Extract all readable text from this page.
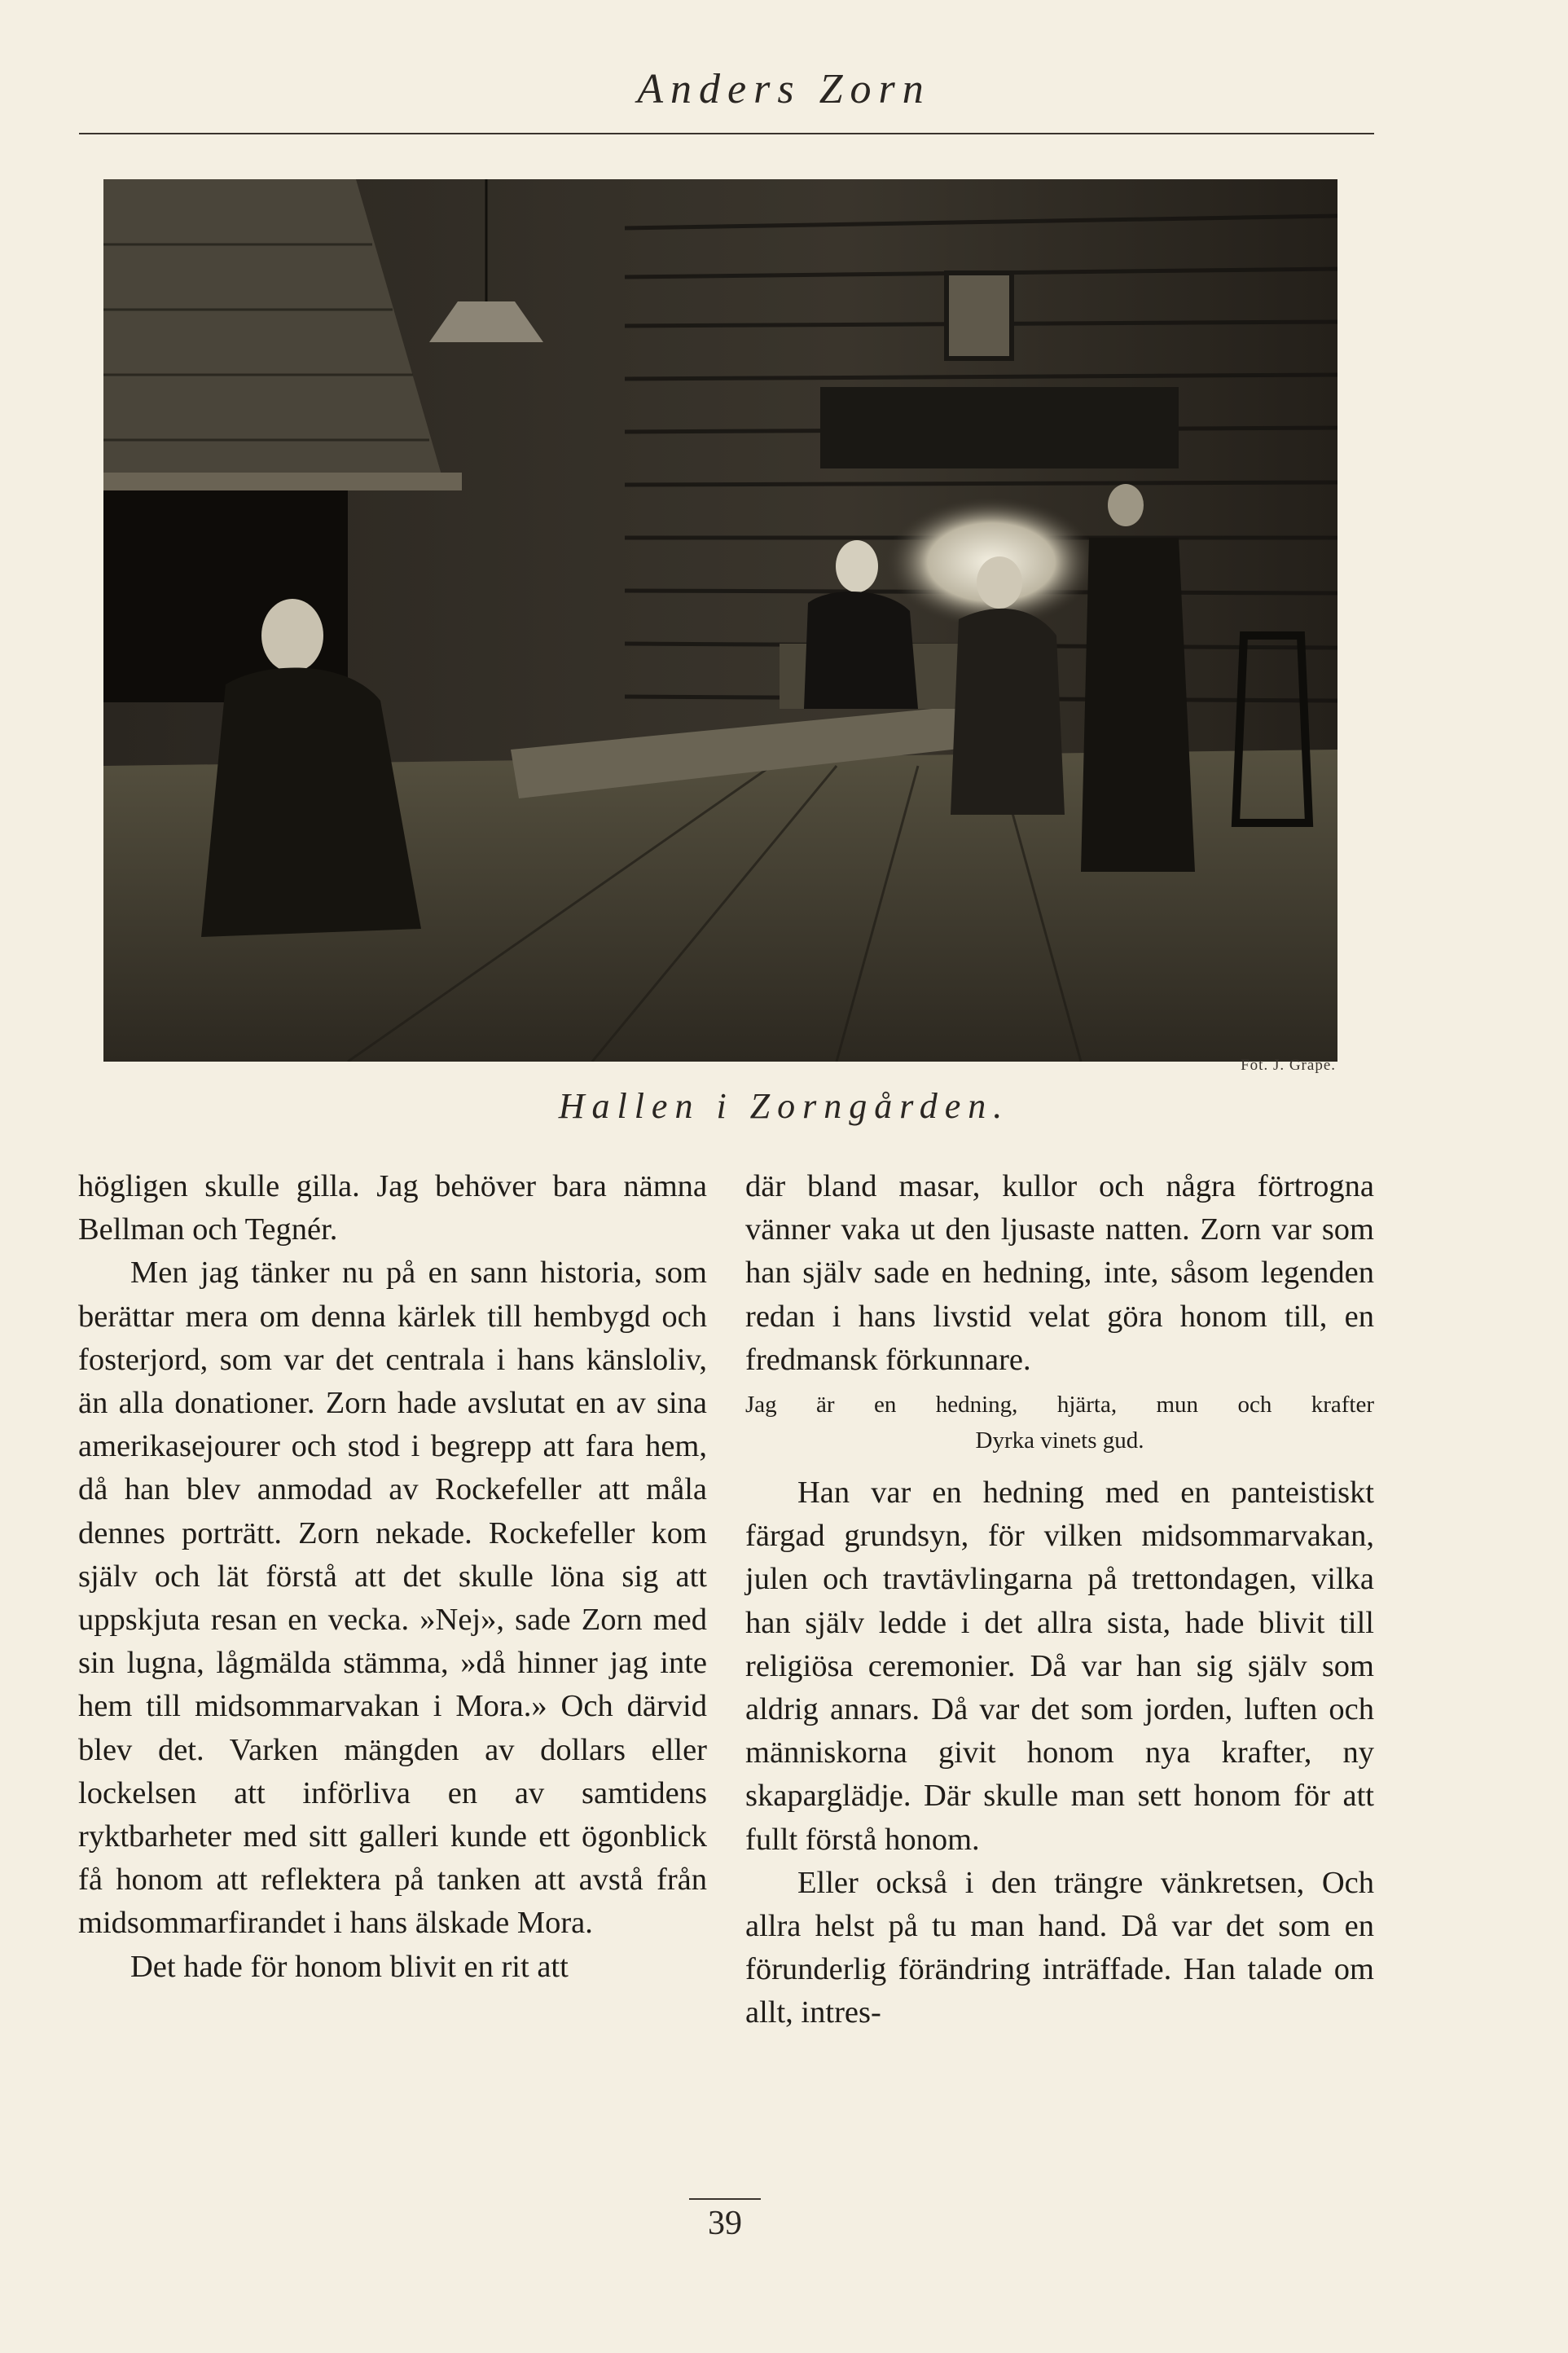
Anders Zorn
Fot. J. Grape.
Hallen i Zorngården.

högligen skulle gilla. Jag behöver bara nämna Bellman och Tegnér.

Men jag tänker nu på en sann historia, som berättar mera om denna kärlek till hembygd och fosterjord, som var det centrala i hans känsloliv, än alla donationer. Zorn hade avslutat en av sina amerikasejourer och stod i begrepp att fara hem, då han blev anmodad av Rockefeller att måla dennes porträtt. Zorn nekade. Rockefeller kom själv och lät förstå att det skulle löna sig att uppskjuta resan en vecka. »Nej», sade Zorn med sin lugna, lågmälda stämma, »då hinner jag inte hem till midsommarvakan i Mora.» Och därvid blev det. Varken mängden av dollars eller lockelsen att införliva en av samtidens ryktbarheter med sitt galleri kunde ett ögonblick få honom att reflektera på tanken att avstå från midsommarfirandet i hans älskade Mora.

Det hade för honom blivit en rit att

där bland masar, kullor och några förtrogna vänner vaka ut den ljusaste natten. Zorn var som han själv sade en hedning, inte, såsom legenden redan i hans livstid velat göra honom till, en fredmansk förkunnare.

Jag är en hedning, hjärta, mun och krafter
Dyrka vinets gud.

Han var en hedning med en panteistiskt färgad grundsyn, för vilken midsommarvakan, julen och travtävlingarna på trettondagen, vilka han själv ledde i det allra sista, hade blivit till religiösa ceremonier. Då var han sig själv som aldrig annars. Då var det som jorden, luften och människorna givit honom nya krafter, ny skaparglädje. Där skulle man sett honom för att fullt förstå honom.

Eller också i den trängre vänkretsen, Och allra helst på tu man hand. Då var det som en förunderlig förändring inträffade. Han talade om allt, intres-

39
